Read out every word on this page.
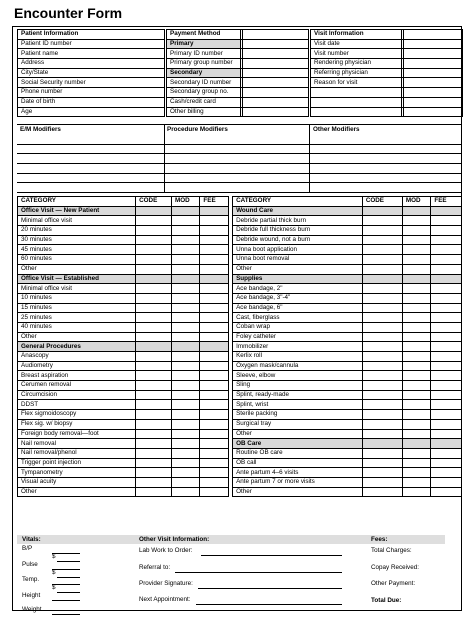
Encounter Form
Patient Information		Payment Method				Visit Information		
Patient ID number		Primary				Visit date		
Patient name		Primary ID number				Visit number		
Address		Primary group number				Rendering physician		
City/State		Secondary				Referring physician		
Social Security number		Secondary ID number				Reason for visit		
Phone number		Secondary group no.						
Date of birth		Cash/credit card						
Age		Other billing						
E/M Modifiers	Procedure Modifiers	Other Modifiers
CATEGORY	CODE	MOD	FEE		CATEGORY	CODE	MOD	FEE
Office Visit — New Patient					Wound Care			
Minimal office visit					Debride partial thick burn			
20 minutes					Debride full thickness burn			
30 minutes					Debride wound, not a burn			
45 minutes					Unna boot application			
60 minutes					Unna boot removal			
Other					Other			
Office Visit — Established					Supplies			
Minimal office visit					Ace bandage, 2"			
10 minutes					Ace bandage, 3"-4"			
15 minutes					Ace bandage, 6"			
25 minutes					Cast, fiberglass			
40 minutes					Coban wrap			
Other					Foley catheter			
General Procedures					Immobilizer			
Anascopy					Kerlix roll			
Audiometry					Oxygen mask/cannula			
Breast aspiration					Sleeve, elbow			
Cerumen removal					Sling			
Circumcision					Splint, ready-made			
DDST					Splint, wrist			
Flex sigmoidoscopy					Sterile packing			
Flex sig. w/ biopsy					Surgical tray			
Foreign body removal—foot					Other			
Nail removal					OB Care			
Nail removal/phenol					Routine OB care			
Trigger point injection					OB call			
Tympanometry					Ante partum 4–6 visits			
Visual acuity					Ante partum 7 or more visits			
Other					Other			
Vitals:	Other Visit Information:	Fees:
B/P
Pulse
Temp.
Height
Weight
$
$
$
Lab Work to Order:
Referral to:
Provider Signature:
Next Appointment:
Total Charges:
Copay Received:
Other Payment:
Total Due:
